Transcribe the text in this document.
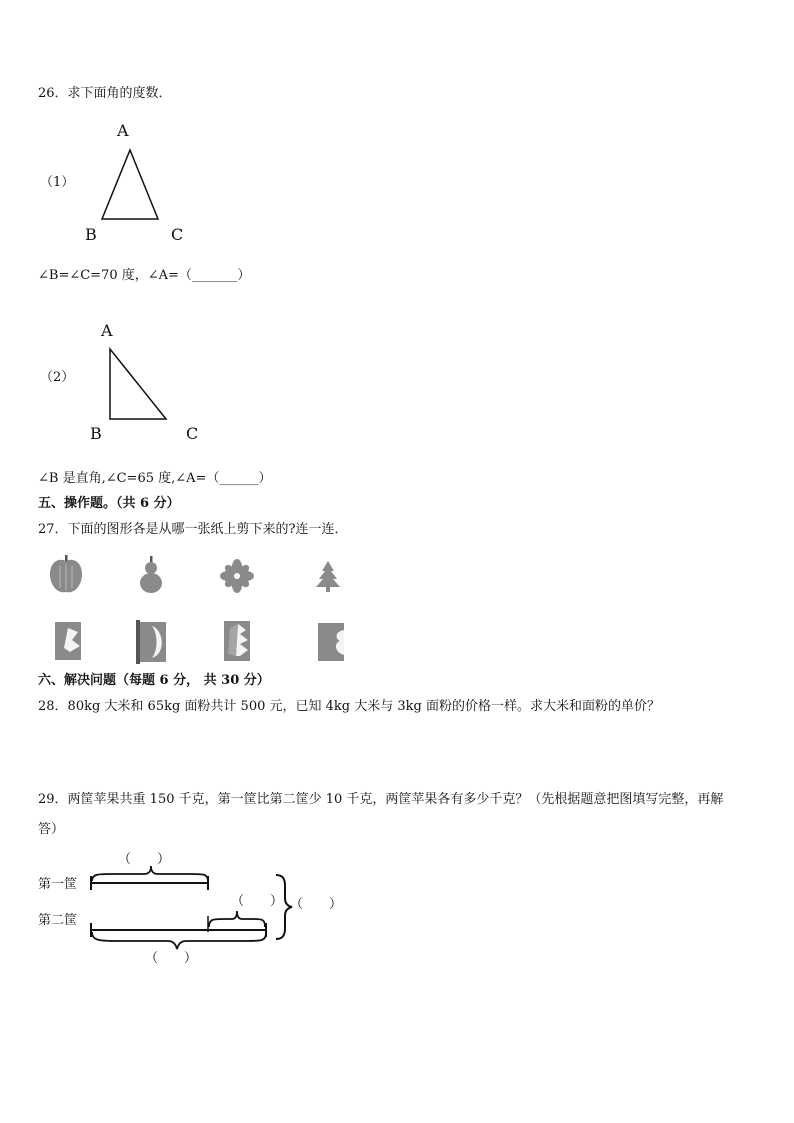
26．求下面角的度数．
（1）
A
B	C
∠B=∠C=70 度，∠A=（_______）
（2）
A
B	C
∠B 是直角,∠C=65 度,∠A=（______）
五、操作题。（共 6 分）
27．下面的图形各是从哪一张纸上剪下来的?连一连．
六、解决问题（每题 6 分， 共 30 分）
28．80kg 大米和 65kg 面粉共计 500 元，已知 4kg 大米与 3kg 面粉的价格一样。求大米和面粉的单价？
29．两筐苹果共重 150 千克，第一筐比第二筐少 10 千克，两筐苹果各有多少千克？（先根据题意把图填写完整，再解
答）
第一筐
第二筐
（　　）
（　　） （　　）
（　　）
